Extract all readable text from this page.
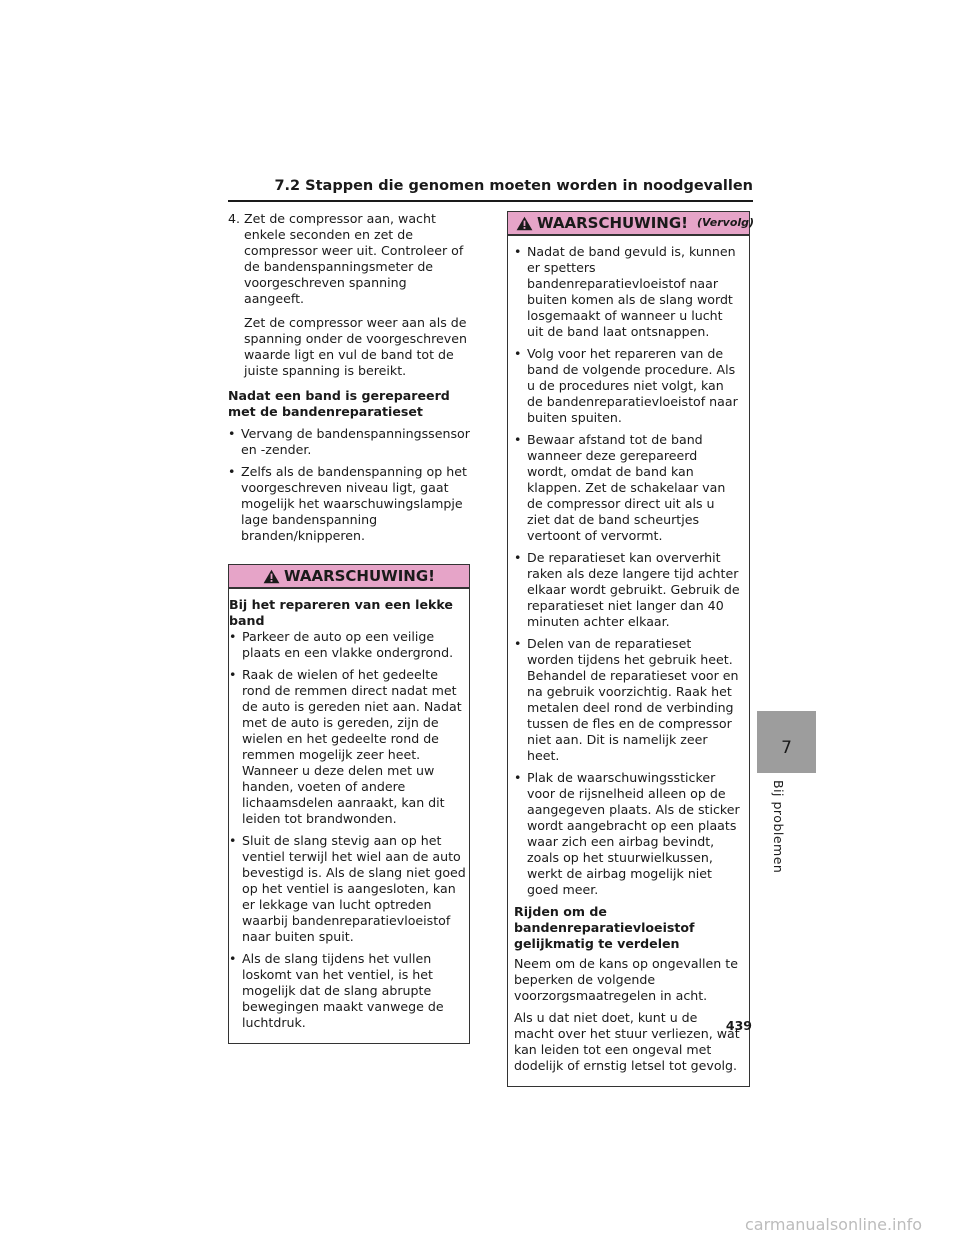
7.2 Stappen die genomen moeten worden in noodgevallen
4. Zet de compressor aan, wacht enkele seconden en zet de compressor weer uit. Controleer of de bandenspanningsmeter de voorgeschreven spanning aangeeft.

Zet de compressor weer aan als de spanning onder de voorgeschreven waarde ligt en vul de band tot de juiste spanning is bereikt.

Nadat een band is gerepareerd met de bandenreparatieset

• Vervang de bandenspanningssensor en -zender.
• Zelfs als de bandenspanning op het voorgeschreven niveau ligt, gaat mogelijk het waarschuwingslampje lage bandenspanning branden/knipperen.
WAARSCHUWING!

Bij het repareren van een lekke band

• Parkeer de auto op een veilige plaats en een vlakke ondergrond.
• Raak de wielen of het gedeelte rond de remmen direct nadat met de auto is gereden niet aan. Nadat met de auto is gereden, zijn de wielen en het gedeelte rond de remmen mogelijk zeer heet. Wanneer u deze delen met uw handen, voeten of andere lichaamsdelen aanraakt, kan dit leiden tot brandwonden.
• Sluit de slang stevig aan op het ventiel terwijl het wiel aan de auto bevestigd is. Als de slang niet goed op het ventiel is aangesloten, kan er lekkage van lucht optreden waarbij bandenreparatievloeistof naar buiten spuit.
• Als de slang tijdens het vullen loskomt van het ventiel, is het mogelijk dat de slang abrupte bewegingen maakt vanwege de luchtdruk.
WAARSCHUWING! (Vervolg)
• Nadat de band gevuld is, kunnen er spetters bandenreparatievloeistof naar buiten komen als de slang wordt losgemaakt of wanneer u lucht uit de band laat ontsnappen.
• Volg voor het repareren van de band de volgende procedure. Als u de procedures niet volgt, kan de bandenreparatievloeistof naar buiten spuiten.
• Bewaar afstand tot de band wanneer deze gerepareerd wordt, omdat de band kan klappen. Zet de schakelaar van de compressor direct uit als u ziet dat de band scheurtjes vertoont of vervormt.
• De reparatieset kan oververhit raken als deze langere tijd achter elkaar wordt gebruikt. Gebruik de reparatieset niet langer dan 40 minuten achter elkaar.
• Delen van de reparatieset worden tijdens het gebruik heet. Behandel de reparatieset voor en na gebruik voorzichtig. Raak het metalen deel rond de verbinding tussen de fles en de compressor niet aan. Dit is namelijk zeer heet.
• Plak de waarschuwingssticker voor de rijsnelheid alleen op de aangegeven plaats. Als de sticker wordt aangebracht op een plaats waar zich een airbag bevindt, zoals op het stuurwielkussen, werkt de airbag mogelijk niet goed meer.

Rijden om de bandenreparatievloeistof gelijkmatig te verdelen

Neem om de kans op ongevallen te beperken de volgende voorzorgsmaatregelen in acht.

Als u dat niet doet, kunt u de macht over het stuur verliezen, wat kan leiden tot een ongeval met dodelijk of ernstig letsel tot gevolg.

7
Bij problemen
439
carmanualsonline.info
